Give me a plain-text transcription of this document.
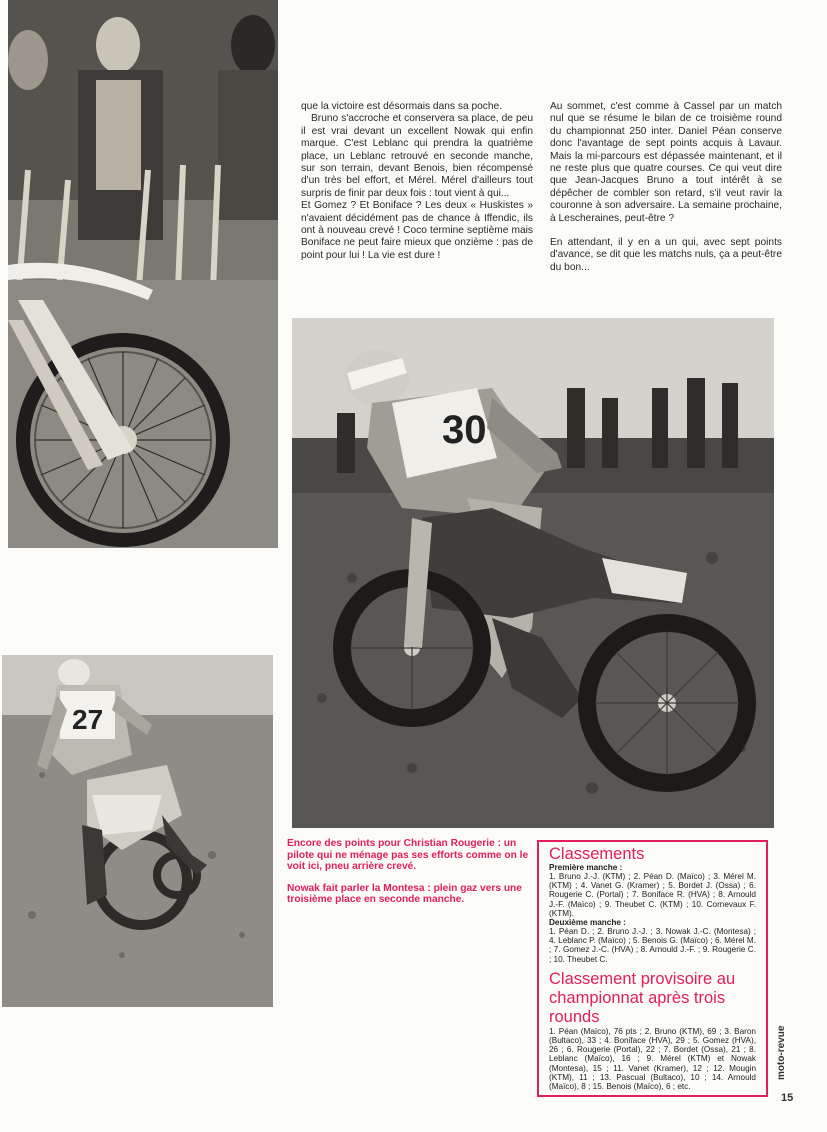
27

que la victoire est désormais dans sa poche.

Bruno s'accroche et conservera sa place, de peu il est vrai devant un excellent Nowak qui enfin marque. C'est Leblanc qui prendra la quatrième place, un Leblanc retrouvé en seconde manche, sur son terrain, devant Benois, bien récompensé d'un très bel effort, et Mérel. Mérel d'ailleurs tout surpris de finir par deux fois : tout vient à qui...

Et Gomez ? Et Boniface ? Les deux « Huskistes » n'avaient décidément pas de chance à Iffendic, ils ont à nouveau crevé ! Coco termine septième mais Boniface ne peut faire mieux que onzième : pas de point pour lui ! La vie est dure !

Au sommet, c'est comme à Cassel par un match nul que se résume le bilan de ce troisième round du championnat 250 inter. Daniel Péan conserve donc l'avantage de sept points acquis à Lavaur. Mais la mi-parcours est dépassée maintenant, et il ne reste plus que quatre courses. Ce qui veut dire que Jean-Jacques Bruno a tout intérêt à se dépêcher de combler son retard, s'il veut ravir la couronne à son adversaire. La semaine prochaine, à Lescheraines, peut-être ?

En attendant, il y en a un qui, avec sept points d'avance, se dit que les matchs nuls, ça a peut-être du bon...

30

Encore des points pour Christian Rougerie : un pilote qui ne ménage pas ses efforts comme on le voit ici, pneu arrière crevé.

Nowak fait parler la Montesa : plein gaz vers une troisième place en seconde manche.

Classements
Première manche :
1. Bruno J.-J. (KTM) ; 2. Péan D. (Maïco) ; 3. Mérel M. (KTM) ; 4. Vanet G. (Kramer) ; 5. Bordet J. (Ossa) ; 6. Rougerie C. (Portal) ; 7. Boniface R. (HVA) ; 8. Arnould J.-F. (Maïco) ; 9. Theubet C. (KTM) ; 10. Cornevaux F. (KTM).
Deuxième manche :
1. Péan D. ; 2. Bruno J.-J. ; 3. Nowak J.-C. (Montesa) ; 4. Leblanc P. (Maïco) ; 5. Benois G. (Maïco) ; 6. Mérel M. ; 7. Gomez J.-C. (HVA) ; 8. Arnould J.-F. ; 9. Rougerie C. ; 10. Theubet C.
Classement provisoire au championnat après trois rounds
1. Péan (Maïco), 76 pts ; 2. Bruno (KTM), 69 ; 3. Baron (Bultaco), 33 ; 4. Boniface (HVA), 29 ; 5. Gomez (HVA), 26 ; 6. Rougerie (Portal), 22 ; 7. Bordet (Ossa), 21 ; 8. Leblanc (Maïco), 16 ; 9. Mérel (KTM) et Nowak (Montesa), 15 ; 11. Vanet (Kramer), 12 ; 12. Mougin (KTM), 11 ; 13. Pascual (Bultaco), 10 ; 14. Arnould (Maïco), 8 ; 15. Benois (Maïco), 6 ; etc.
moto-revue
15
